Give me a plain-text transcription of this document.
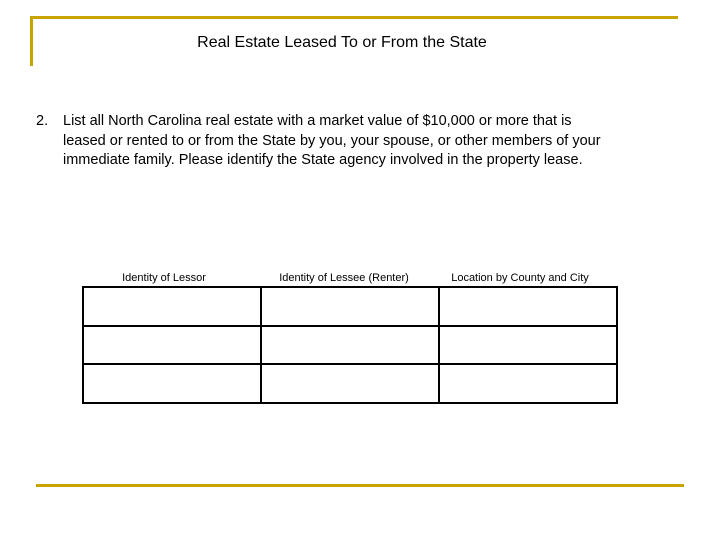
Real Estate Leased To or From the State
2. List all North Carolina real estate with a market value of $10,000 or more that is leased or rented to or from the State by you, your spouse, or other members of your immediate family. Please identify the State agency involved in the property lease.
Identity of Lessor	Identity of Lessee (Renter)	Location by County and City
